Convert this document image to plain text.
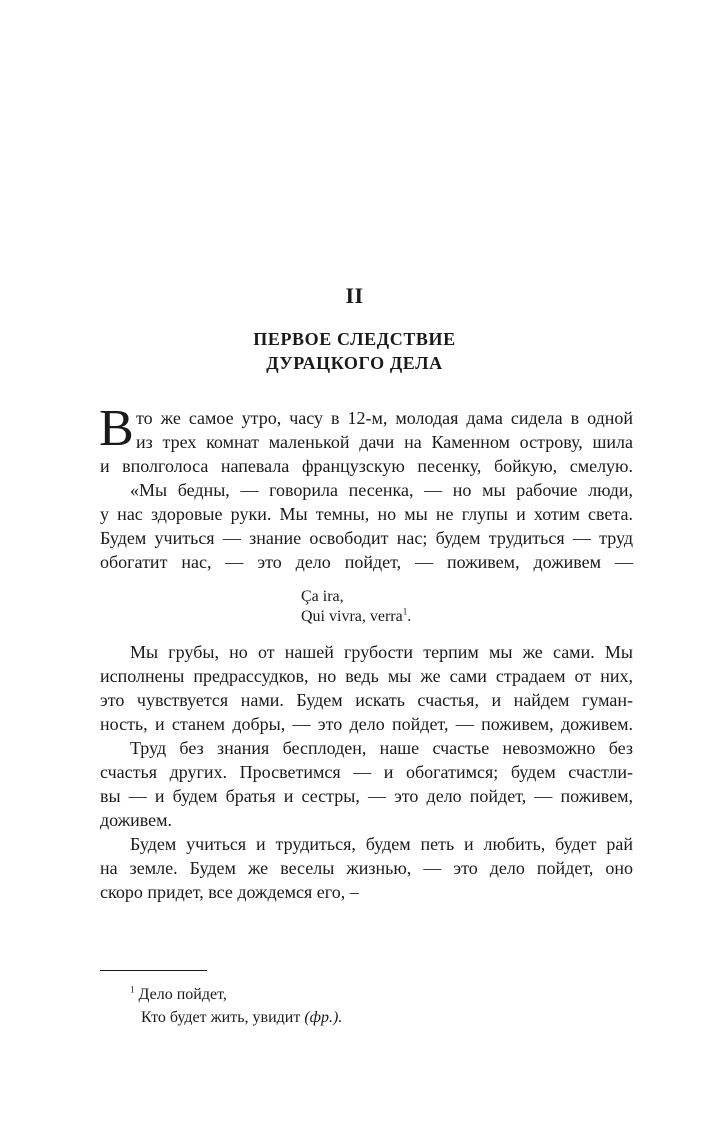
II
ПЕРВОЕ СЛЕДСТВИЕ
ДУРАЦКОГО ДЕЛА
В то же самое утро, часу в 12-м, молодая дама сидела в одной
из трех комнат маленькой дачи на Каменном острову, шила
и вполголоса напевала французскую песенку, бойкую, смелую.
«Мы бедны, — говорила песенка, — но мы рабочие люди,
у нас здоровые руки. Мы темны, но мы не глупы и хотим света.
Будем учиться — знание освободит нас; будем трудиться — труд
обогатит нас, — это дело пойдет, — поживем, доживем —
Ça ira,
Qui vivra, verra$^1$.
Мы грубы, но от нашей грубости терпим мы же сами. Мы
исполнены предрассудков, но ведь мы же сами страдаем от них,
это чувствуется нами. Будем искать счастья, и найдем гуман-
ность, и станем добры, — это дело пойдет, — поживем, доживем.
Труд без знания бесплоден, наше счастье невозможно без
счастья других. Просветимся — и обогатимся; будем счастли-
вы — и будем братья и сестры, — это дело пойдет, — поживем,
доживем.
Будем учиться и трудиться, будем петь и любить, будет рай
на земле. Будем же веселы жизнью, — это дело пойдет, оно
скоро придет, все дождемся его, –
$^1$ Дело пойдет,
Кто будет жить, увидит (фр.).
